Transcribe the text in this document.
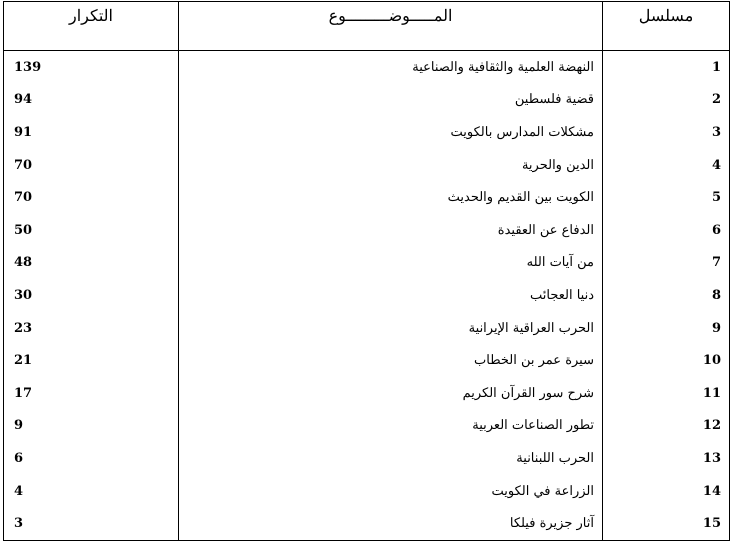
مسلسل	المـــــوضـــــــــوع	التكرار
1	النهضة العلمية والثقافية والصناعية	139
2	قضية فلسطين	94
3	مشكلات المدارس بالكويت	91
4	الدين والحرية	70
5	الكويت بين القديم والحديث	70
6	الدفاع عن العقيدة	50
7	من آيات الله	48
8	دنيا العجائب	30
9	الحرب العراقية الإيرانية	23
10	سيرة عمر بن الخطاب	21
11	شرح سور القرآن الكريم	17
12	تطور الصناعات العربية	9
13	الحرب اللبنانية	6
14	الزراعة في الكويت	4
15	آثار جزيرة فيلكا	3
